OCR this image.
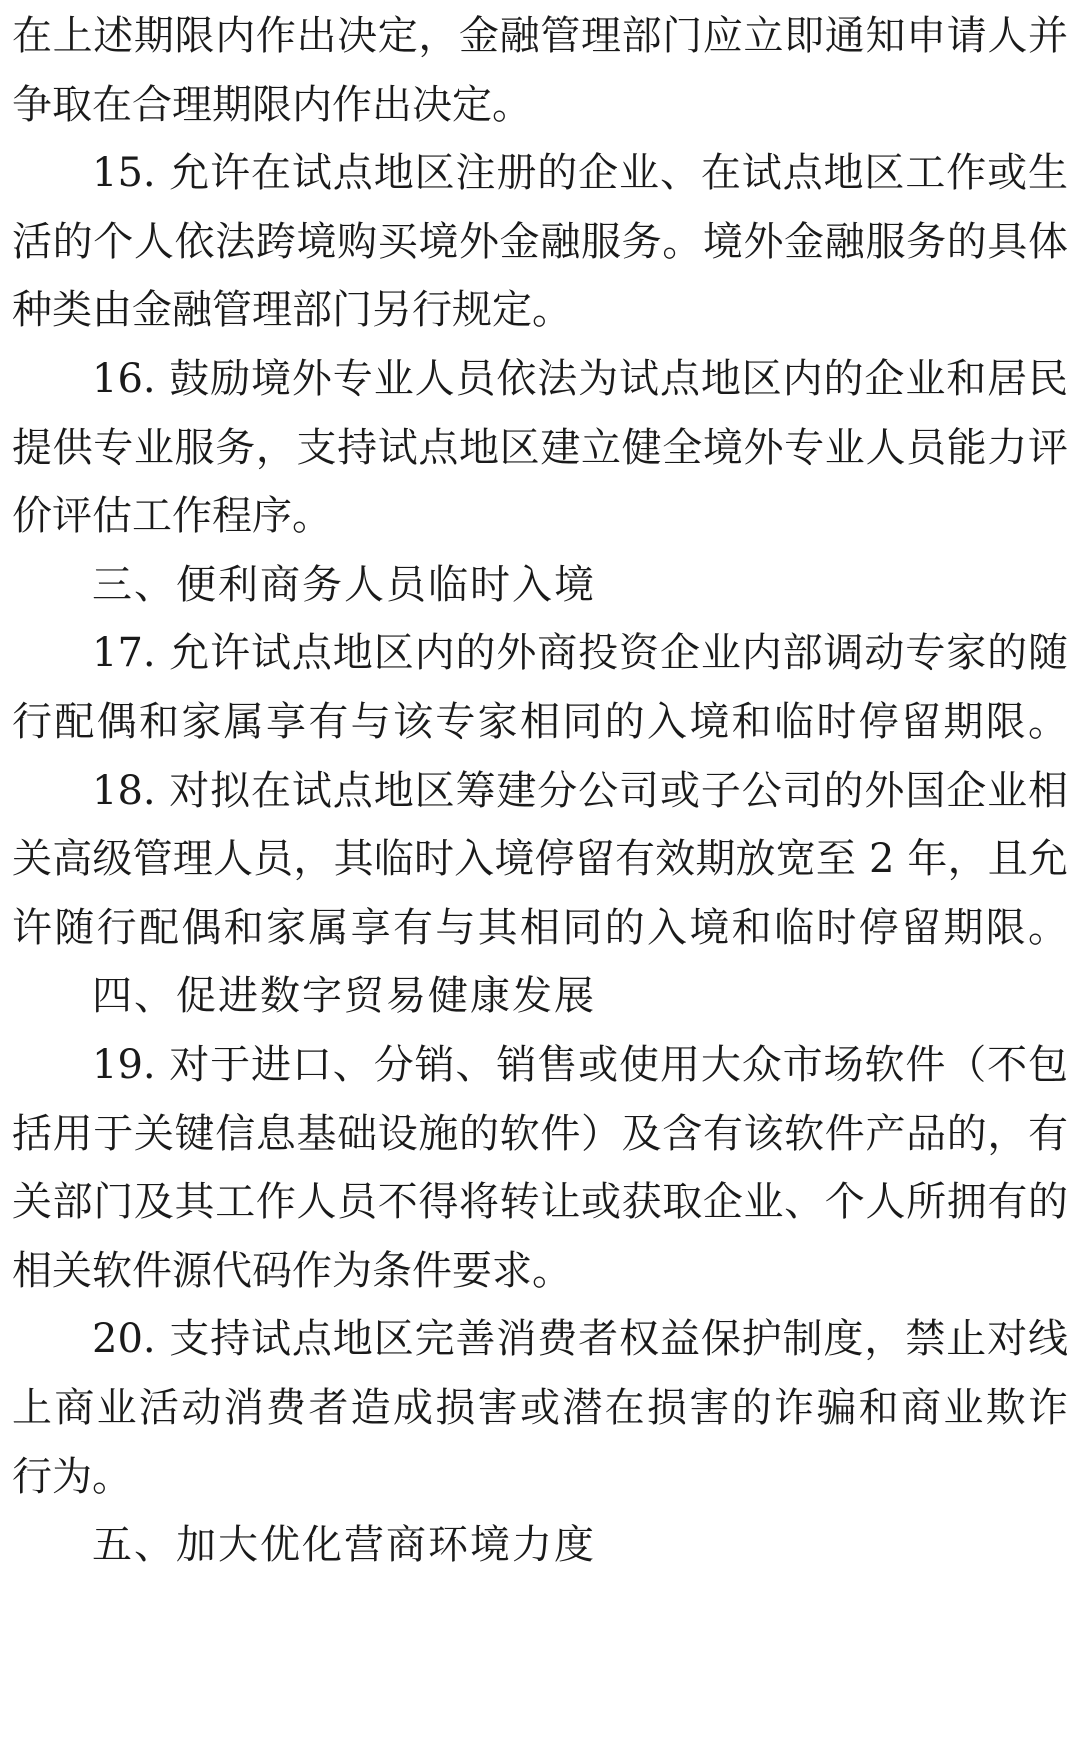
在上述期限内作出决定，金融管理部门应立即通知申请人并
争取在合理期限内作出决定。
15. 允许在试点地区注册的企业、在试点地区工作或生
活的个人依法跨境购买境外金融服务。境外金融服务的具体
种类由金融管理部门另行规定。
16. 鼓励境外专业人员依法为试点地区内的企业和居民
提供专业服务，支持试点地区建立健全境外专业人员能力评
价评估工作程序。
三、便利商务人员临时入境
17. 允许试点地区内的外商投资企业内部调动专家的随
行配偶和家属享有与该专家相同的入境和临时停留期限。
18. 对拟在试点地区筹建分公司或子公司的外国企业相
关高级管理人员，其临时入境停留有效期放宽至 2 年，且允
许随行配偶和家属享有与其相同的入境和临时停留期限。
四、促进数字贸易健康发展
19. 对于进口、分销、销售或使用大众市场软件（不包
括用于关键信息基础设施的软件）及含有该软件产品的，有
关部门及其工作人员不得将转让或获取企业、个人所拥有的
相关软件源代码作为条件要求。
20. 支持试点地区完善消费者权益保护制度，禁止对线
上商业活动消费者造成损害或潜在损害的诈骗和商业欺诈
行为。
五、加大优化营商环境力度
